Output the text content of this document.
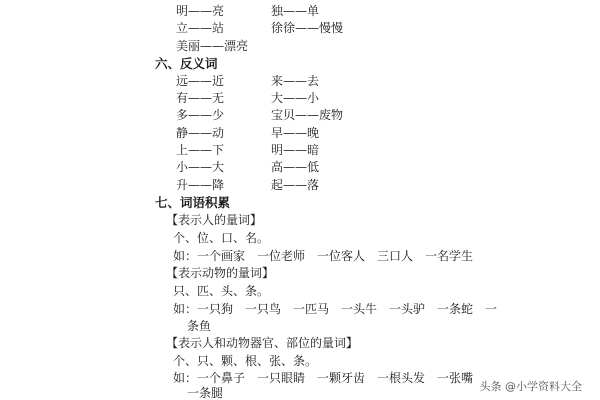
明——亮
立——站
美丽——漂亮
独——单
徐徐——慢慢
六、反义词
远——近
有——无
多——少
静——动
上——下
小——大
升——降
来——去
大——小
宝贝——废物
早——晚
明——暗
高——低
起——落
七、词语积累
【表示人的量词】
个、位、口、名。
如：一个画家　一位老师　一位客人　三口人　一名学生
【表示动物的量词】
只、匹、头、条。
如：一只狗　一只鸟　一匹马　一头牛　一头驴　一条蛇　一
条鱼
【表示人和动物器官、部位的量词】
个、只、颗、根、张、条。
如：一个鼻子　一只眼睛　一颗牙齿　一根头发　一张嘴
一条腿	头条 @小学资料大全
